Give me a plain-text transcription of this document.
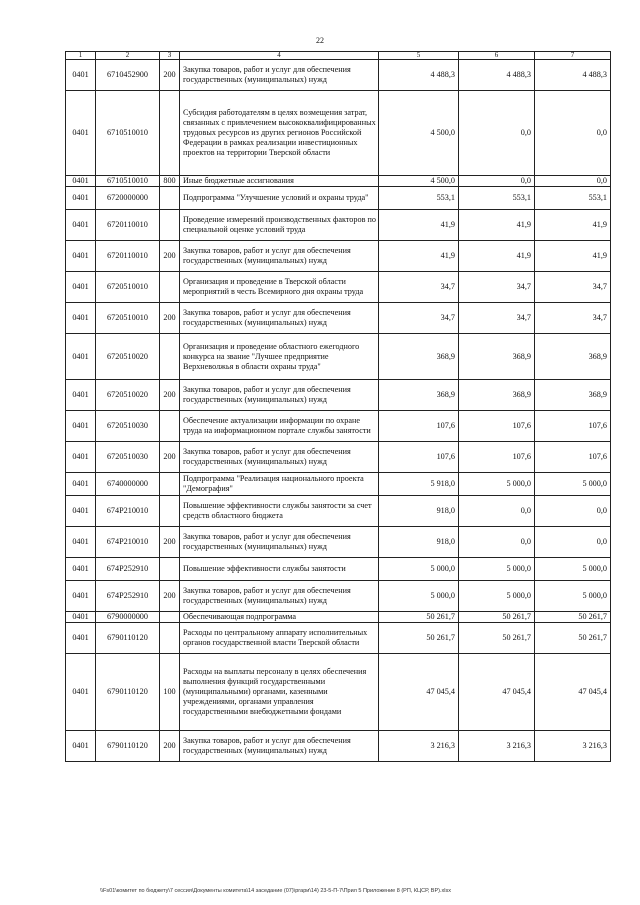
22
1	2	3	4	5	6	7
0401	6710452900	200	Закупка товаров, работ и услуг для обеспечения государственных (муниципальных) нужд	4 488,3	4 488,3	4 488,3
0401	6710510010		Субсидия работодателям в целях возмещения затрат, связанных с привлечением высококвалифицированных трудовых ресурсов из других регионов Российской Федерации в рамках реализации инвестиционных проектов на территории Тверской области	4 500,0	0,0	0,0
0401	6710510010	800	Иные бюджетные ассигнования	4 500,0	0,0	0,0
0401	6720000000		Подпрограмма "Улучшение условий и охраны труда"	553,1	553,1	553,1
0401	6720110010		Проведение измерений производственных факторов по специальной оценке условий труда	41,9	41,9	41,9
0401	6720110010	200	Закупка товаров, работ и услуг для обеспечения государственных (муниципальных) нужд	41,9	41,9	41,9
0401	6720510010		Организация и проведение в Тверской области мероприятий в честь Всемирного дня охраны труда	34,7	34,7	34,7
0401	6720510010	200	Закупка товаров, работ и услуг для обеспечения государственных (муниципальных) нужд	34,7	34,7	34,7
0401	6720510020		Организация и проведение областного ежегодного конкурса на звание "Лучшее предприятие Верхневолжья в области охраны труда"	368,9	368,9	368,9
0401	6720510020	200	Закупка товаров, работ и услуг для обеспечения государственных (муниципальных) нужд	368,9	368,9	368,9
0401	6720510030		Обеспечение актуализации информации по охране труда на информационном портале службы занятости	107,6	107,6	107,6
0401	6720510030	200	Закупка товаров, работ и услуг для обеспечения государственных (муниципальных) нужд	107,6	107,6	107,6
0401	6740000000		Подпрограмма "Реализация национального проекта "Демография"	5 918,0	5 000,0	5 000,0
0401	674P210010		Повышение эффективности службы занятости за счет средств областного бюджета	918,0	0,0	0,0
0401	674P210010	200	Закупка товаров, работ и услуг для обеспечения государственных (муниципальных) нужд	918,0	0,0	0,0
0401	674P252910		Повышение эффективности службы занятости	5 000,0	5 000,0	5 000,0
0401	674P252910	200	Закупка товаров, работ и услуг для обеспечения государственных (муниципальных) нужд	5 000,0	5 000,0	5 000,0
0401	6790000000		Обеспечивающая подпрограмма	50 261,7	50 261,7	50 261,7
0401	6790110120		Расходы по центральному аппарату исполнительных органов государственной власти Тверской области	50 261,7	50 261,7	50 261,7
0401	6790110120	100	Расходы на выплаты персоналу в целях обеспечения выполнения функций государственными (муниципальными) органами, казенными учреждениями, органами управления государственными внебюджетными фондами	47 045,4	47 045,4	47 045,4
0401	6790110120	200	Закупка товаров, работ и услуг для обеспечения государственных (муниципальных) нужд	3 216,3	3 216,3	3 216,3
\\Fs01\комитет по бюджету\7 сессия\Документы комитета\14 заседание (07)\ргари\14) 23-5-П-7\Прил 5 Приложение 8 (РП, КЦСР, ВР).xlsx
